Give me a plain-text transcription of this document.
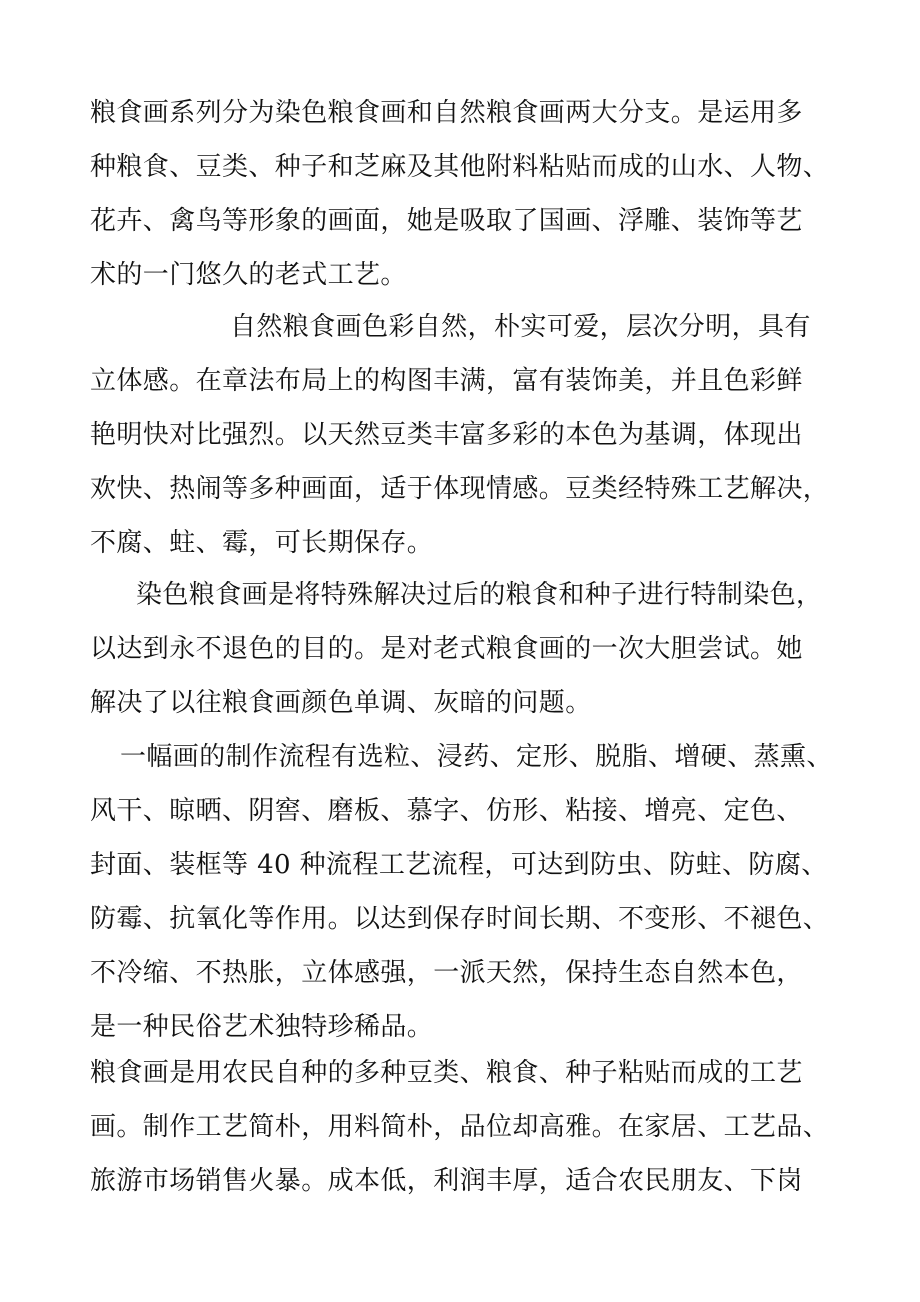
粮食画系列分为染色粮食画和自然粮食画两大分支。是运用多
种粮食、豆类、种子和芝麻及其他附料粘贴而成的山水、人物、
花卉、禽鸟等形象的画面，她是吸取了国画、浮雕、装饰等艺
术的一门悠久的老式工艺。
自然粮食画色彩自然，朴实可爱，层次分明，具有
立体感。在章法布局上的构图丰满，富有装饰美，并且色彩鲜
艳明快对比强烈。以天然豆类丰富多彩的本色为基调，体现出
欢快、热闹等多种画面，适于体现情感。豆类经特殊工艺解决，
不腐、蛀、霉，可长期保存。
染色粮食画是将特殊解决过后的粮食和种子进行特制染色，
以达到永不退色的目的。是对老式粮食画的一次大胆尝试。她
解决了以往粮食画颜色单调、灰暗的问题。
一幅画的制作流程有选粒、浸药、定形、脱脂、增硬、蒸熏、
风干、晾晒、阴窖、磨板、慕字、仿形、粘接、增亮、定色、
封面、装框等 40 种流程工艺流程，可达到防虫、防蛀、防腐、
防霉、抗氧化等作用。以达到保存时间长期、不变形、不褪色、
不冷缩、不热胀，立体感强，一派天然，保持生态自然本色，
是一种民俗艺术独特珍稀品。
粮食画是用农民自种的多种豆类、粮食、种子粘贴而成的工艺
画。制作工艺简朴，用料简朴，品位却高雅。在家居、工艺品、
旅游市场销售火暴。成本低，利润丰厚，适合农民朋友、下岗
